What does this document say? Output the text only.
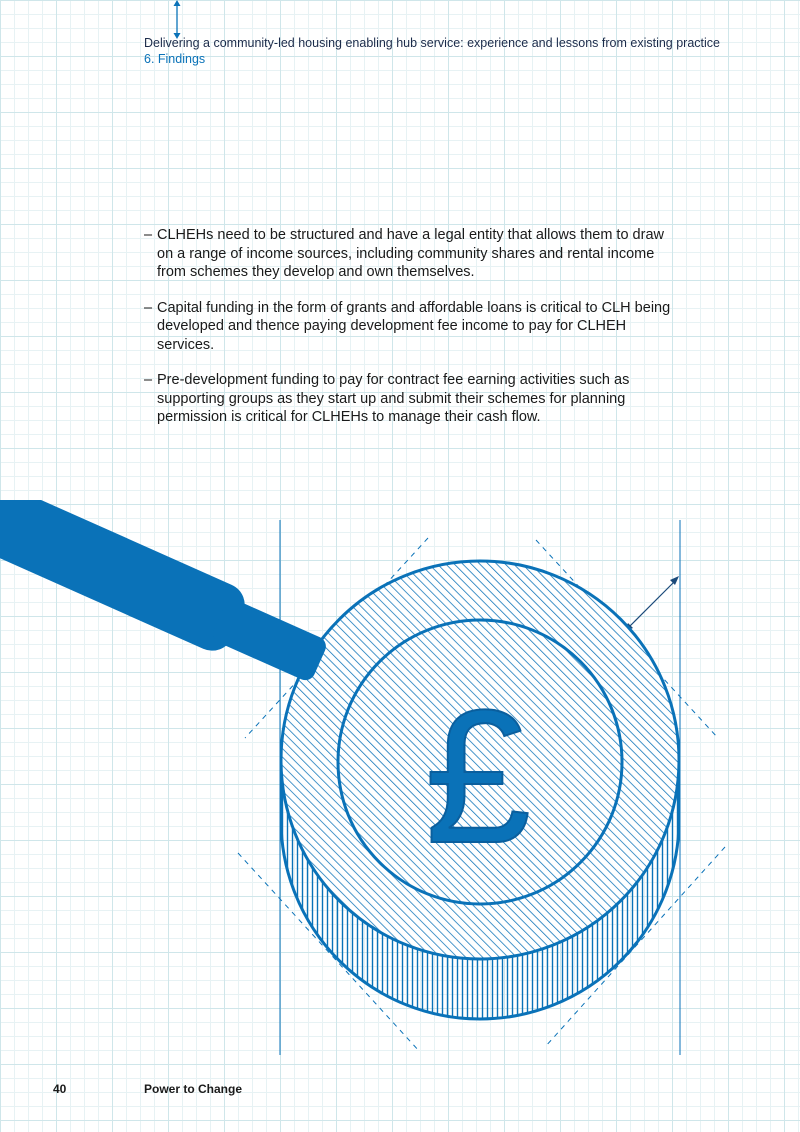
Delivering a community-led housing enabling hub service: experience and lessons from existing practice
6. Findings
– CLHEHs need to be structured and have a legal entity that allows them to draw on a range of income sources, including community shares and rental income from schemes they develop and own themselves.
– Capital funding in the form of grants and affordable loans is critical to CLH being developed and thence paying development fee income to pay for CLHEH services.
– Pre-development funding to pay for contract fee earning activities such as supporting groups as they start up and submit their schemes for planning permission is critical for CLHEHs to manage their cash flow.
£
40	Power to Change
